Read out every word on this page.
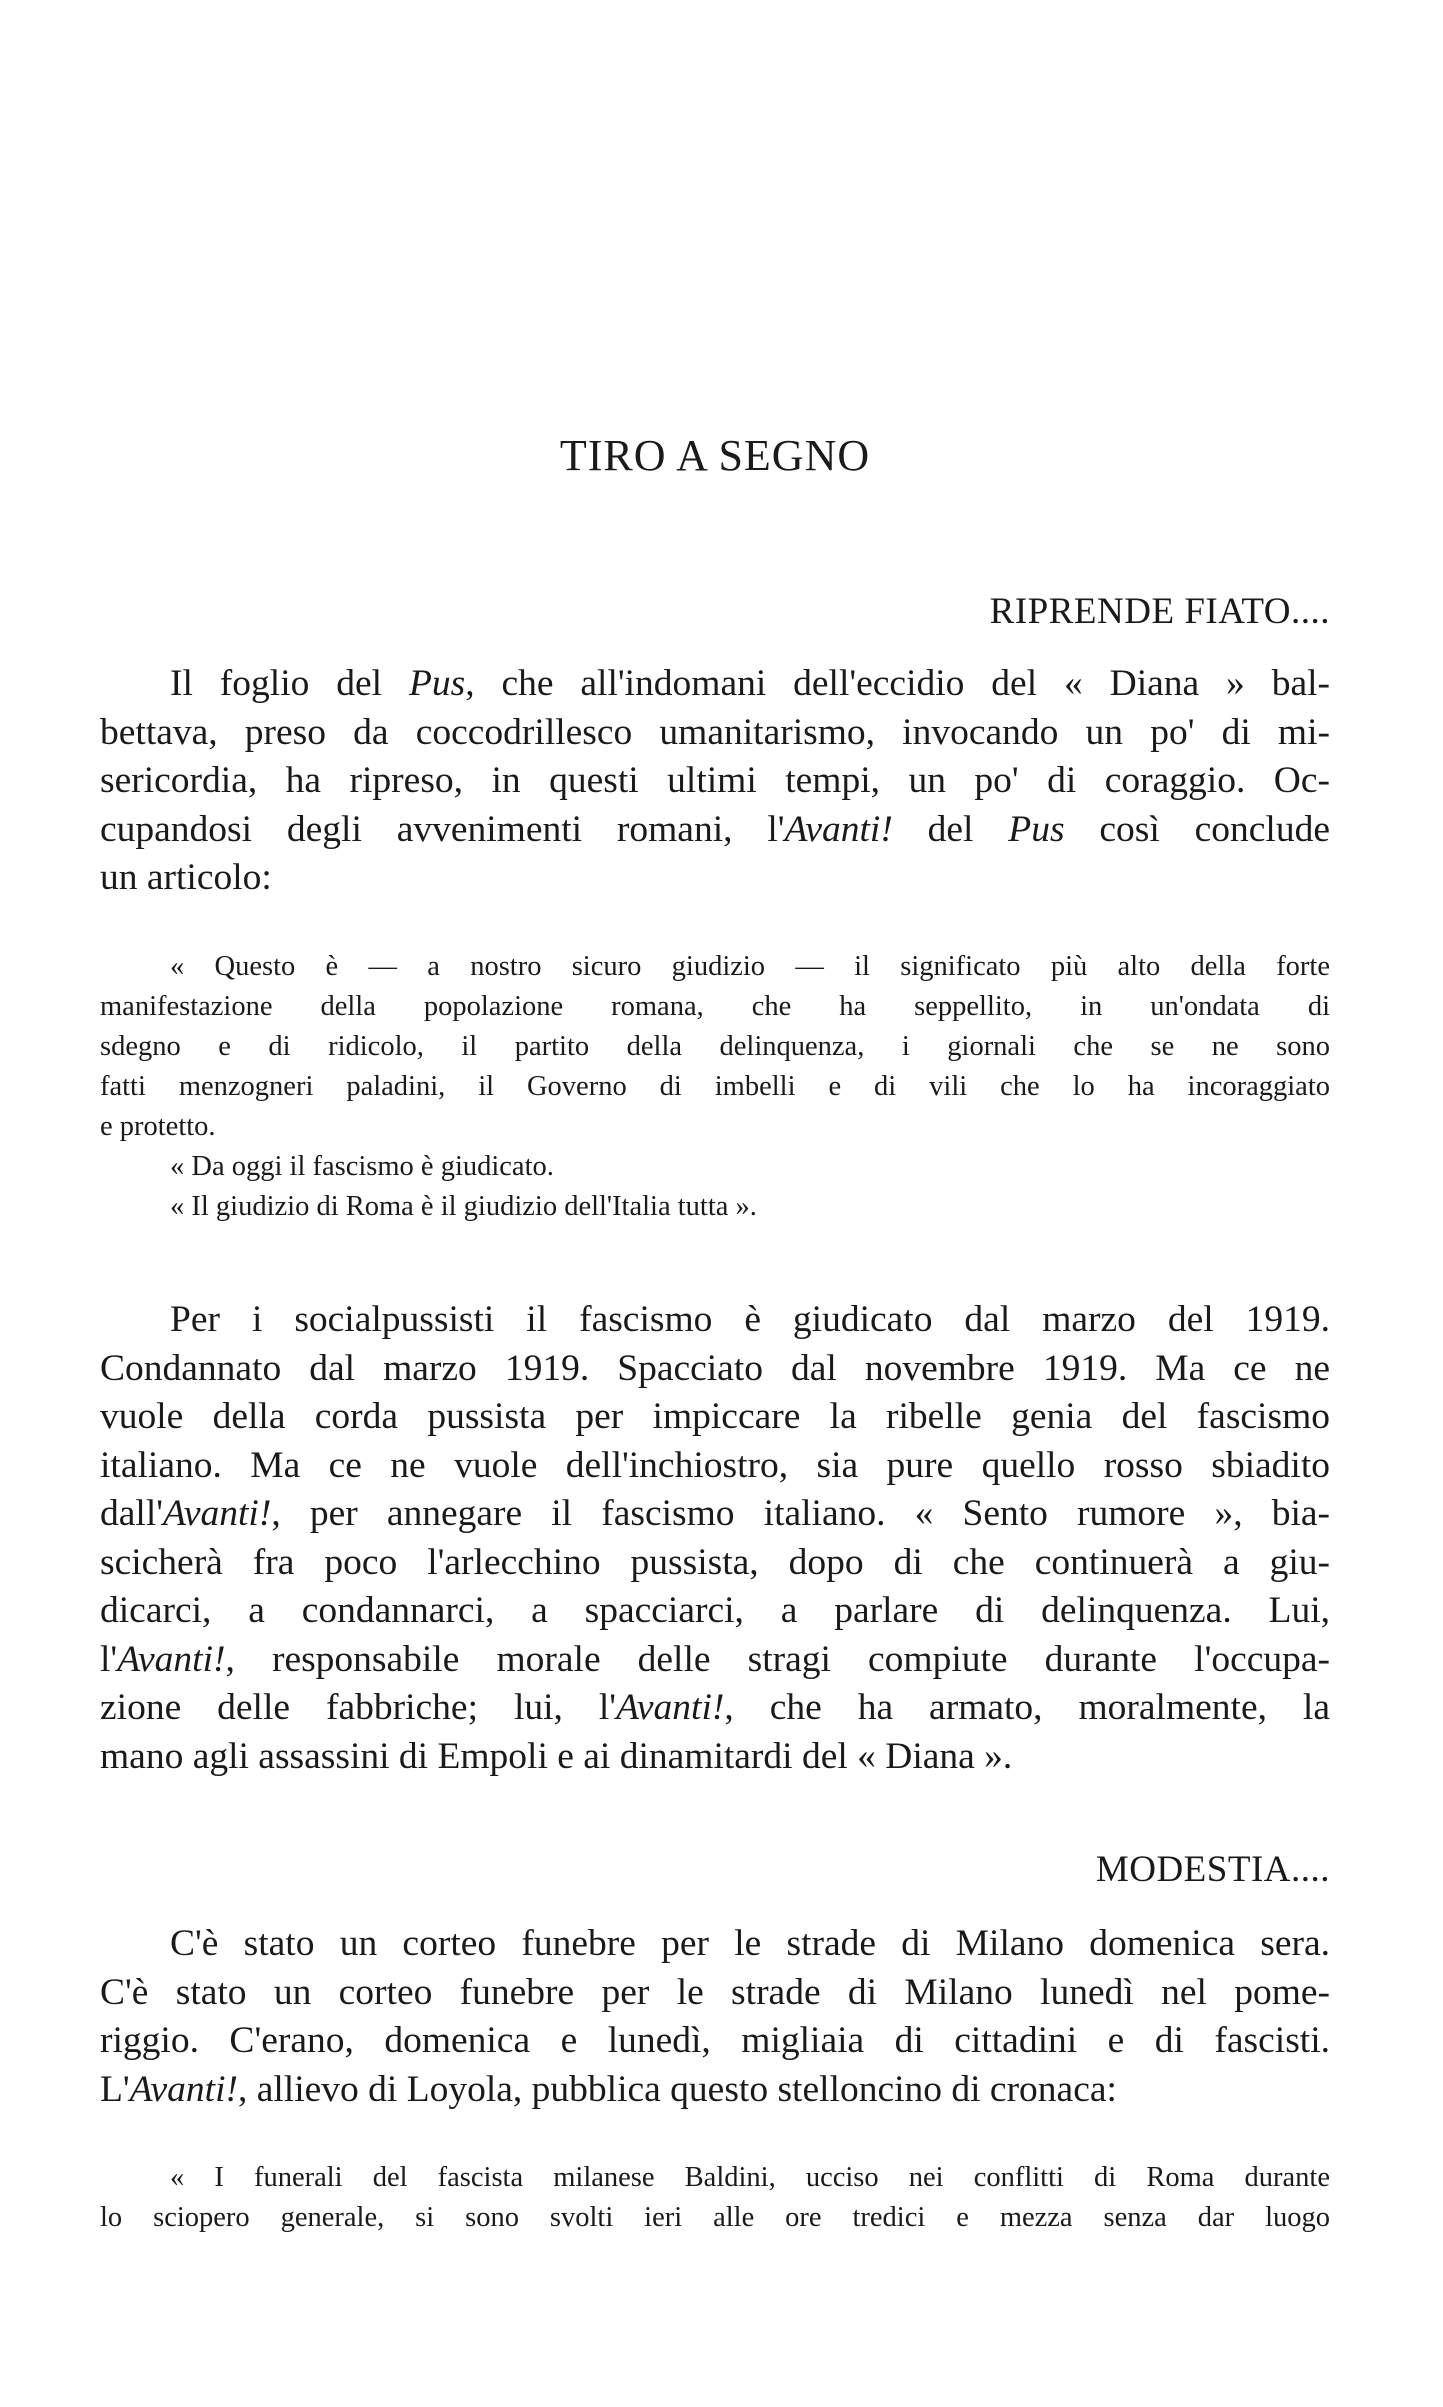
TIRO A SEGNO
RIPRENDE FIATO....
Il foglio del Pus, che all'indomani dell'eccidio del « Diana » bal-
bettava, preso da coccodrillesco umanitarismo, invocando un po' di mi-
sericordia, ha ripreso, in questi ultimi tempi, un po' di coraggio. Oc-
cupandosi degli avvenimenti romani, l'Avanti! del Pus così conclude
un articolo:
« Questo è — a nostro sicuro giudizio — il significato più alto della forte
manifestazione della popolazione romana, che ha seppellito, in un'ondata di
sdegno e di ridicolo, il partito della delinquenza, i giornali che se ne sono
fatti menzogneri paladini, il Governo di imbelli e di vili che lo ha incoraggiato
e protetto.
« Da oggi il fascismo è giudicato.
« Il giudizio di Roma è il giudizio dell'Italia tutta ».
Per i socialpussisti il fascismo è giudicato dal marzo del 1919.
Condannato dal marzo 1919. Spacciato dal novembre 1919. Ma ce ne
vuole della corda pussista per impiccare la ribelle genia del fascismo
italiano. Ma ce ne vuole dell'inchiostro, sia pure quello rosso sbiadito
dall'Avanti!, per annegare il fascismo italiano. « Sento rumore », bia-
scicherà fra poco l'arlecchino pussista, dopo di che continuerà a giu-
dicarci, a condannarci, a spacciarci, a parlare di delinquenza. Lui,
l'Avanti!, responsabile morale delle stragi compiute durante l'occupa-
zione delle fabbriche; lui, l'Avanti!, che ha armato, moralmente, la
mano agli assassini di Empoli e ai dinamitardi del « Diana ».
MODESTIA....
C'è stato un corteo funebre per le strade di Milano domenica sera.
C'è stato un corteo funebre per le strade di Milano lunedì nel pome-
riggio. C'erano, domenica e lunedì, migliaia di cittadini e di fascisti.
L'Avanti!, allievo di Loyola, pubblica questo stelloncino di cronaca:
« I funerali del fascista milanese Baldini, ucciso nei conflitti di Roma durante
lo sciopero generale, si sono svolti ieri alle ore tredici e mezza senza dar luogo
